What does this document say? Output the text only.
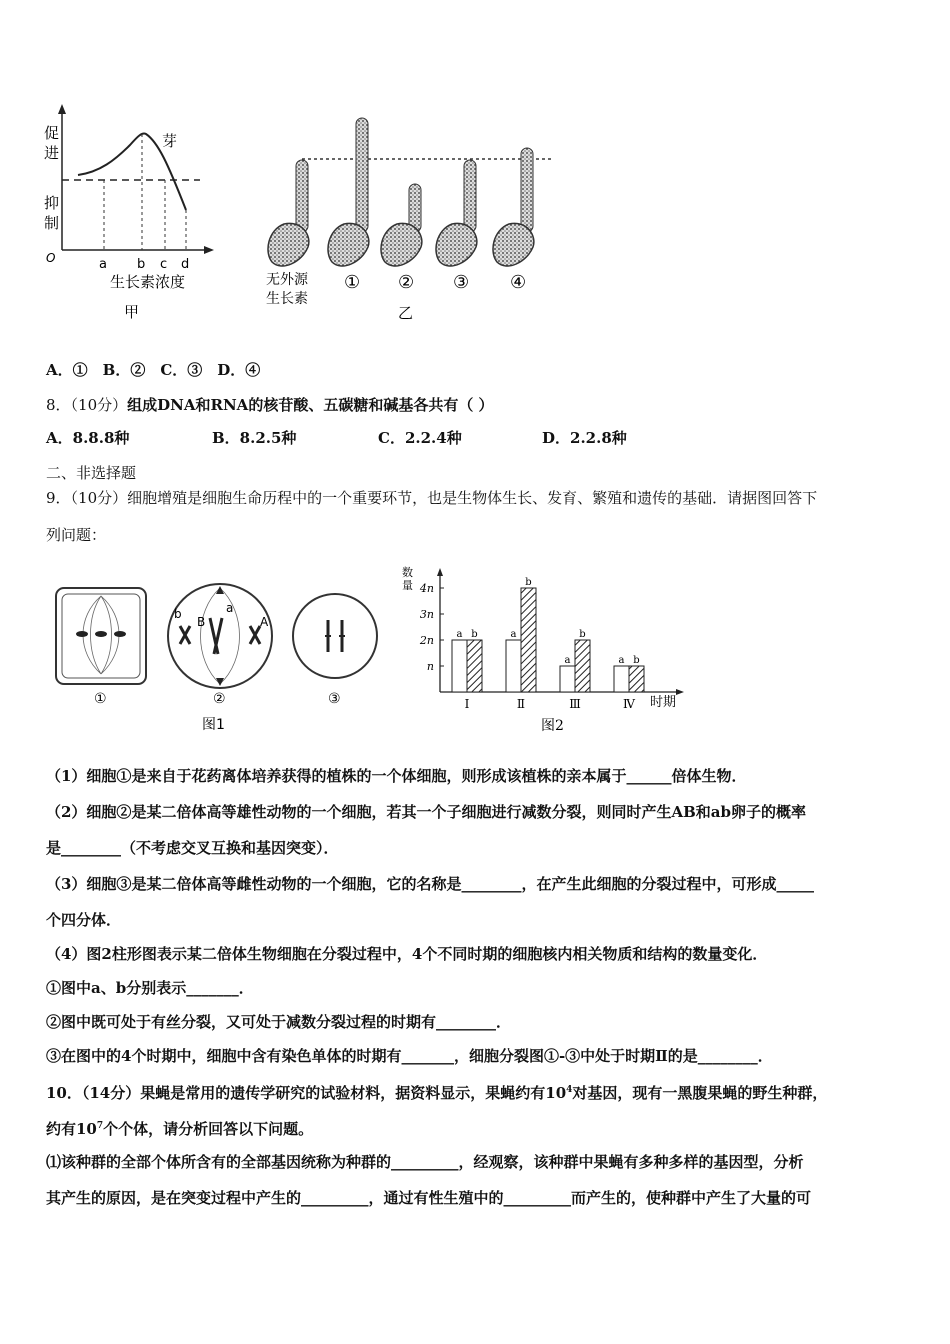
促
进
抑
制
O
芽
a b c d
生长素浓度
甲
无外源
生长素
① ② ③ ④
乙
A．①　B．②　C．③　D．④
8．（10分）组成DNA和RNA的核苷酸、五碳糖和碱基各共有（ ）
A．8.8.8种	B．8.2.5种	C．2.2.4种	D．2.2.8种
二、非选择题
9．（10分）细胞增殖是细胞生命历程中的一个重要环节，也是生物体生长、发育、繁殖和遗传的基础．请据图回答下
列问题：
b
B
a
A
①	②	③
图1
n
2n
3n
4n
a b
Ⅰ
a
b
Ⅱ
a
b
Ⅲ
a b
Ⅳ
数
量
时期
图2
（1）细胞①是来自于花药离体培养获得的植株的一个体细胞，则形成该植株的亲本属于______倍体生物．
（2）细胞②是某二倍体高等雄性动物的一个细胞，若其一个子细胞进行减数分裂，则同时产生AB和ab卵子的概率
是________（不考虑交叉互换和基因突变）．
（3）细胞③是某二倍体高等雌性动物的一个细胞，它的名称是________，在产生此细胞的分裂过程中，可形成_____
个四分体．
（4）图2柱形图表示某二倍体生物细胞在分裂过程中，4个不同时期的细胞核内相关物质和结构的数量变化．
①图中a、b分别表示_______．
②图中既可处于有丝分裂，又可处于减数分裂过程的时期有________．
③在图中的4个时期中，细胞中含有染色单体的时期有_______，细胞分裂图①-③中处于时期Ⅱ的是________．
10．（14分）果蝇是常用的遗传学研究的试验材料，据资料显示，果蝇约有$10^4$对基因，现有一黑腹果蝇的野生种群，
约有$10^7$个个体，请分析回答以下问题。
⑴该种群的全部个体所含有的全部基因统称为种群的_________，经观察，该种群中果蝇有多种多样的基因型，分析
其产生的原因，是在突变过程中产生的_________，通过有性生殖中的_________而产生的，使种群中产生了大量的可
